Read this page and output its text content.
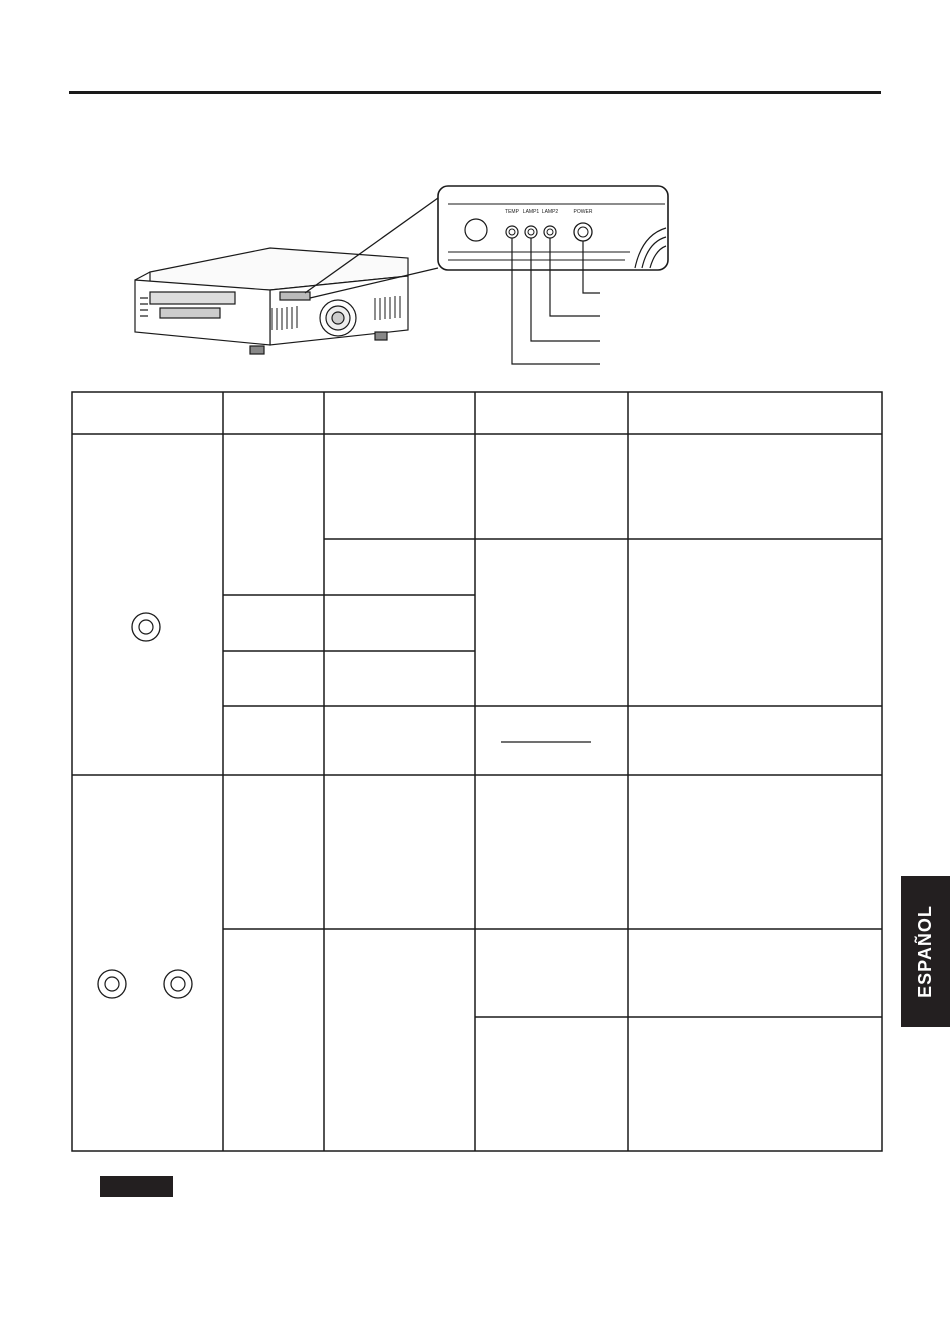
TEMP LAMP1 LAMP2	POWER
ESPAÑOL
